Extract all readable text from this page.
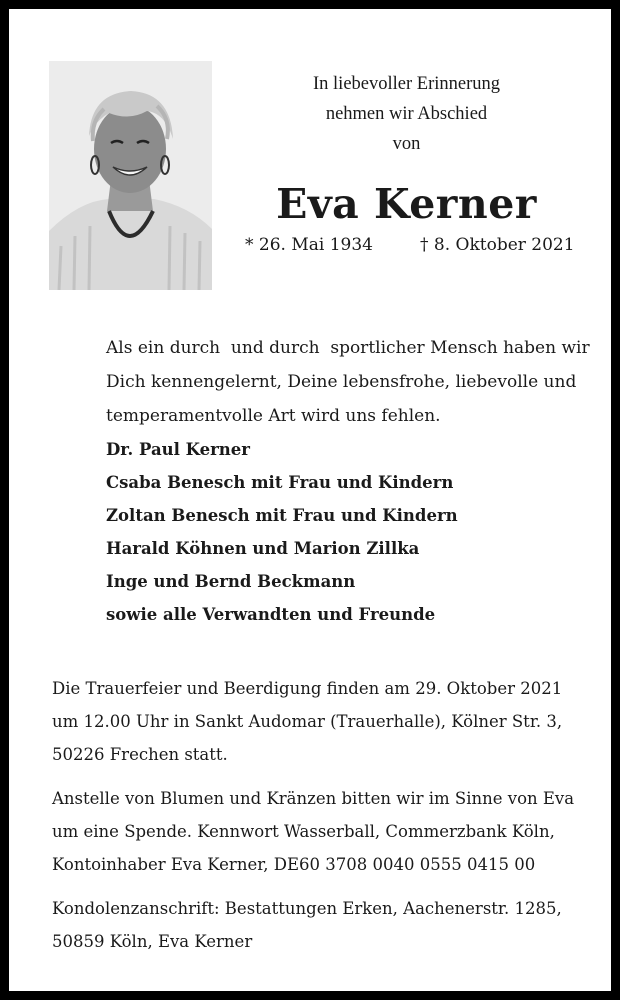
In liebevoller Erinnerung
nehmen wir Abschied
von
Eva Kerner
* 26. Mai 1934	† 8. Oktober 2021
Als ein durch  und durch  sportlicher Mensch haben wir
Dich kennengelernt, Deine lebensfrohe, liebevolle und
temperamentvolle Art wird uns fehlen.
Dr. Paul Kerner
Csaba Benesch mit Frau und Kindern
Zoltan Benesch mit Frau und Kindern
Harald Köhnen und Marion Zillka
Inge und Bernd Beckmann
sowie alle Verwandten und Freunde
Die Trauerfeier und Beerdigung finden am 29. Oktober 2021
um 12.00 Uhr in Sankt Audomar (Trauerhalle), Kölner Str. 3,
50226 Frechen statt.
Anstelle von Blumen und Kränzen bitten wir im Sinne von Eva
um eine Spende. Kennwort Wasserball, Commerzbank Köln,
Kontoinhaber Eva Kerner, DE60 3708 0040 0555 0415 00
Kondolenzanschrift: Bestattungen Erken, Aachenerstr. 1285,
50859 Köln, Eva Kerner
